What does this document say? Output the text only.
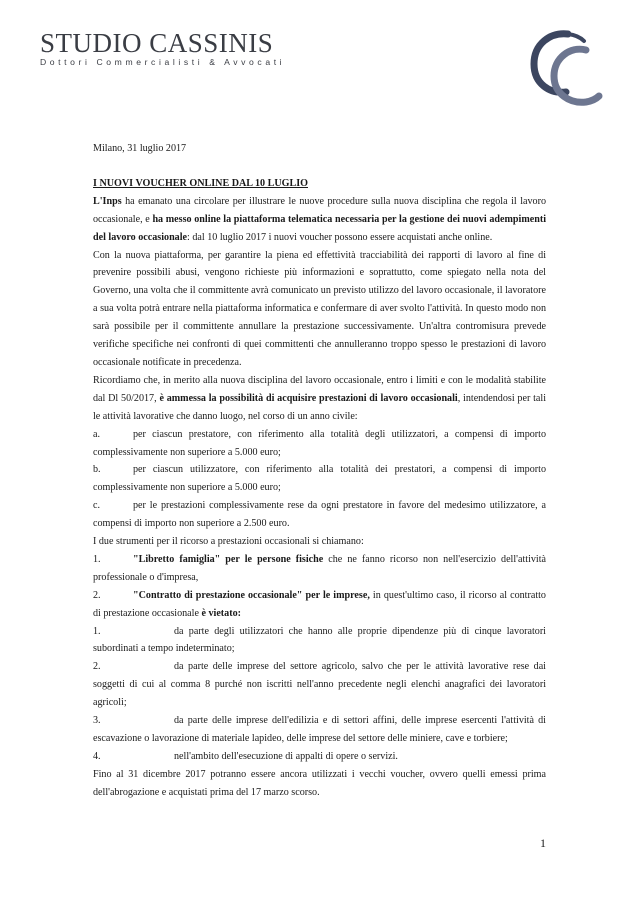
STUDIO CASSINIS
Dottori Commercialisti & Avvocati

Milano, 31 luglio 2017

I NUOVI VOUCHER ONLINE DAL 10 LUGLIO

L'Inps ha emanato una circolare per illustrare le nuove procedure sulla nuova disciplina che regola il lavoro occasionale, e ha messo online la piattaforma telematica necessaria per la gestione dei nuovi adempimenti del lavoro occasionale: dal 10 luglio 2017 i nuovi voucher possono essere acquistati anche online.

Con la nuova piattaforma, per garantire la piena ed effettività tracciabilità dei rapporti di lavoro al fine di prevenire possibili abusi, vengono richieste più informazioni e soprattutto, come spiegato nella nota del Governo, una volta che il committente avrà comunicato un previsto utilizzo del lavoro occasionale, il lavoratore a sua volta potrà entrare nella piattaforma informatica e confermare di aver svolto l'attività. In questo modo non sarà possibile per il committente annullare la prestazione successivamente. Un'altra contromisura prevede verifiche specifiche nei confronti di quei committenti che annulleranno troppo spesso le prestazioni di lavoro occasionale notificate in precedenza.

Ricordiamo che, in merito alla nuova disciplina del lavoro occasionale, entro i limiti e con le modalità stabilite dal Dl 50/2017, è ammessa la possibilità di acquisire prestazioni di lavoro occasionali, intendendosi per tali le attività lavorative che danno luogo, nel corso di un anno civile:

a.	per ciascun prestatore, con riferimento alla totalità degli utilizzatori, a compensi di importo complessivamente non superiore a 5.000 euro;

b.	per ciascun utilizzatore, con riferimento alla totalità dei prestatori, a compensi di importo complessivamente non superiore a 5.000 euro;

c.	per le prestazioni complessivamente rese da ogni prestatore in favore del medesimo utilizzatore, a compensi di importo non superiore a 2.500 euro.

I due strumenti per il ricorso a prestazioni occasionali si chiamano:

1.	"Libretto famiglia" per le persone fisiche che ne fanno ricorso non nell'esercizio dell'attività professionale o d'impresa,

2.	"Contratto di prestazione occasionale" per le imprese, in quest'ultimo caso, il ricorso al contratto di prestazione occasionale è vietato:

1.	da parte degli utilizzatori che hanno alle proprie dipendenze più di cinque lavoratori subordinati a tempo indeterminato;

2.	da parte delle imprese del settore agricolo, salvo che per le attività lavorative rese dai soggetti di cui al comma 8 purché non iscritti nell'anno precedente negli elenchi anagrafici dei lavoratori agricoli;

3.	da parte delle imprese dell'edilizia e di settori affini, delle imprese esercenti l'attività di escavazione o lavorazione di materiale lapideo, delle imprese del settore delle miniere, cave e torbiere;

4.	nell'ambito dell'esecuzione di appalti di opere o servizi.

Fino al 31 dicembre 2017 potranno essere ancora utilizzati i vecchi voucher, ovvero quelli emessi prima dell'abrogazione e acquistati prima del 17 marzo scorso.

1
